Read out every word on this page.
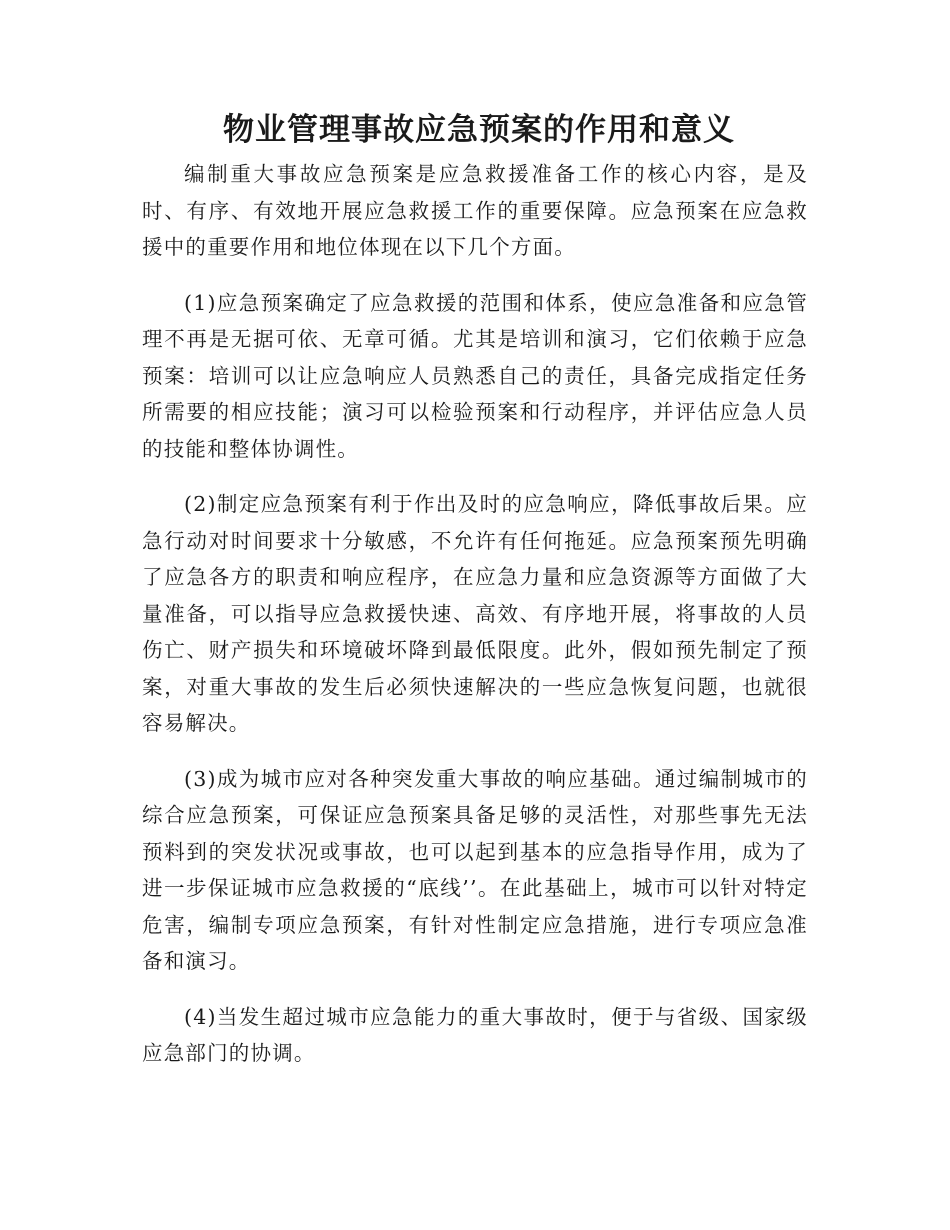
物业管理事故应急预案的作用和意义

编制重大事故应急预案是应急救援准备工作的核心内容，是及时、有序、有效地开展应急救援工作的重要保障。应急预案在应急救援中的重要作用和地位体现在以下几个方面。

(1)应急预案确定了应急救援的范围和体系，使应急准备和应急管理不再是无据可依、无章可循。尤其是培训和演习，它们依赖于应急预案：培训可以让应急响应人员熟悉自己的责任，具备完成指定任务所需要的相应技能；演习可以检验预案和行动程序，并评估应急人员的技能和整体协调性。

(2)制定应急预案有利于作出及时的应急响应，降低事故后果。应急行动对时间要求十分敏感，不允许有任何拖延。应急预案预先明确了应急各方的职责和响应程序，在应急力量和应急资源等方面做了大量准备，可以指导应急救援快速、高效、有序地开展，将事故的人员伤亡、财产损失和环境破坏降到最低限度。此外，假如预先制定了预案，对重大事故的发生后必须快速解决的一些应急恢复问题，也就很容易解决。

(3)成为城市应对各种突发重大事故的响应基础。通过编制城市的综合应急预案，可保证应急预案具备足够的灵活性，对那些事先无法预料到的突发状况或事故，也可以起到基本的应急指导作用，成为了进一步保证城市应急救援的“底线’’。在此基础上，城市可以针对特定危害，编制专项应急预案，有针对性制定应急措施，进行专项应急准备和演习。

(4)当发生超过城市应急能力的重大事故时，便于与省级、国家级应急部门的协调。
